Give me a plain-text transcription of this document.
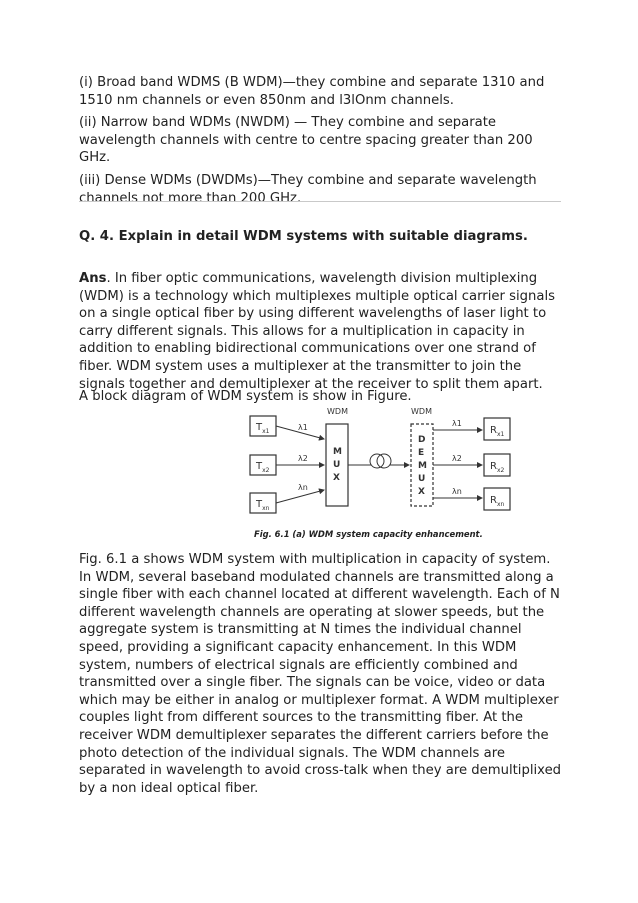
(i) Broad band WDMS (B WDM)—they combine and separate 1310 and 1510 nm channels or even 850nm and l3lOnm channels.

(ii) Narrow band WDMs (NWDM) — They combine and separate wavelength channels with centre to centre spacing greater than 200 GHz.

(iii) Dense WDMs (DWDMs)—They combine and separate wavelength channels not more than 200 GHz.

Q. 4. Explain in detail WDM systems with suitable diagrams.

Ans. In fiber optic communications, wavelength division multiplexing (WDM) is a technology which multiplexes multiple optical carrier signals on a single optical fiber by using different wavelengths of laser light to carry different signals. This allows for a multiplication in capacity in addition to enabling bidirectional communications over one strand of fiber. WDM system uses a multiplexer at the transmitter to join the signals together and demultiplexer at the receiver to split them apart.

A block diagram of WDM system is show in Figure.

$T_{x1}$
$T_{x2}$
$T_{xn}$
λ1
λ2
λn
WDM
M
U
X
WDM
D
E
M
U
X
λ1
λ2
λn
$R_{x1}$
$R_{x2}$
$R_{xn}$
Fig. 6.1 (a) WDM system capacity enhancement.

Fig. 6.1 a shows WDM system with multiplication in capacity of system. In WDM, several baseband modulated channels are transmitted along a single fiber with each channel located at different wavelength. Each of N different wavelength channels are operating at slower speeds, but the aggregate system is transmitting at N times the individual channel speed, providing a significant capacity enhancement. In this WDM system, numbers of electrical signals are efficiently combined and transmitted over a single fiber. The signals can be voice, video or data which may be either in analog or multiplexer format. A WDM multiplexer couples light from different sources to the transmitting fiber. At the receiver WDM demultiplexer separates the different carriers before the photo detection of the individual signals. The WDM channels are separated in wavelength to avoid cross-talk when they are demultiplixed by a non ideal optical fiber.
